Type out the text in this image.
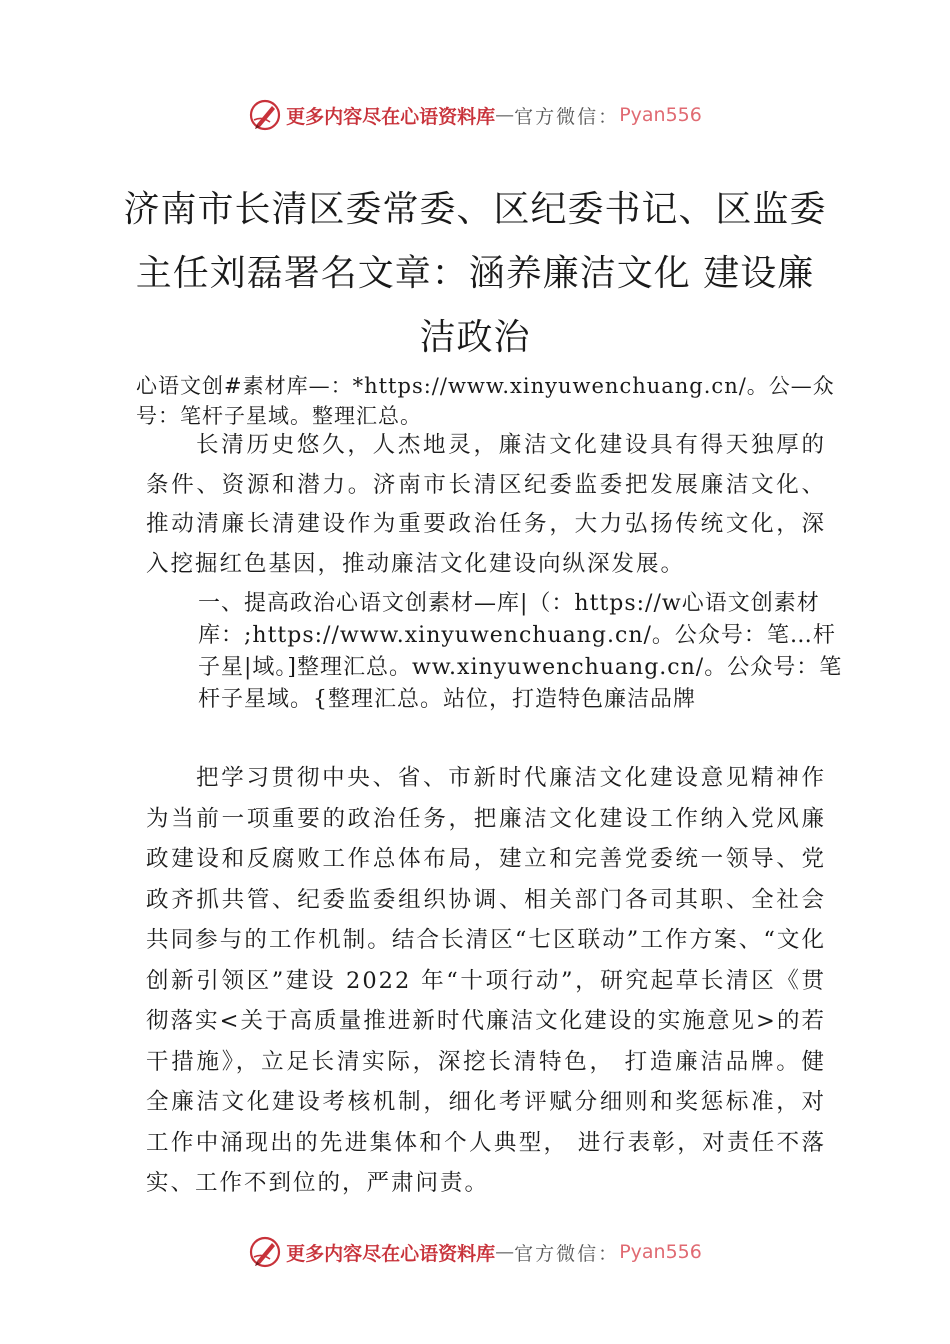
更多内容尽在心语资料库 — 官方微信： Pyan556
济南市长清区委常委、区纪委书记、区监委主任刘磊署名文章：涵养廉洁文化 建设廉洁政治
心语文创#素材库—：*https://www.xinyuwenchuang.cn/。公—众号：笔杆子星域。整理汇总。
长清历史悠久，人杰地灵，廉洁文化建设具有得天独厚的条件、资源和潜力。济南市长清区纪委监委把发展廉洁文化、推动清廉长清建设作为重要政治任务，大力弘扬传统文化，深入挖掘红色基因，推动廉洁文化建设向纵深发展。
一、提高政治心语文创素材—库|（：https://w心语文创素材库：;https://www.xinyuwenchuang.cn/。公众号：笔…杆子星|域。]整理汇总。ww.xinyuwenchuang.cn/。公众号：笔杆子星域。{整理汇总。站位，打造特色廉洁品牌
把学习贯彻中央、省、市新时代廉洁文化建设意见精神作为当前一项重要的政治任务，把廉洁文化建设工作纳入党风廉政建设和反腐败工作总体布局，建立和完善党委统一领导、党政齐抓共管、纪委监委组织协调、相关部门各司其职、全社会共同参与的工作机制。结合长清区“七区联动”工作方案、“文化创新引领区”建设 2022 年“十项行动”，研究起草长清区《贯彻落实<关于高质量推进新时代廉洁文化建设的实施意见>的若干措施》，立足长清实际，深挖长清特色， 打造廉洁品牌。健全廉洁文化建设考核机制，细化考评赋分细则和奖惩标准，对工作中涌现出的先进集体和个人典型， 进行表彰，对责任不落实、工作不到位的，严肃问责。
更多内容尽在心语资料库 — 官方微信： Pyan556
